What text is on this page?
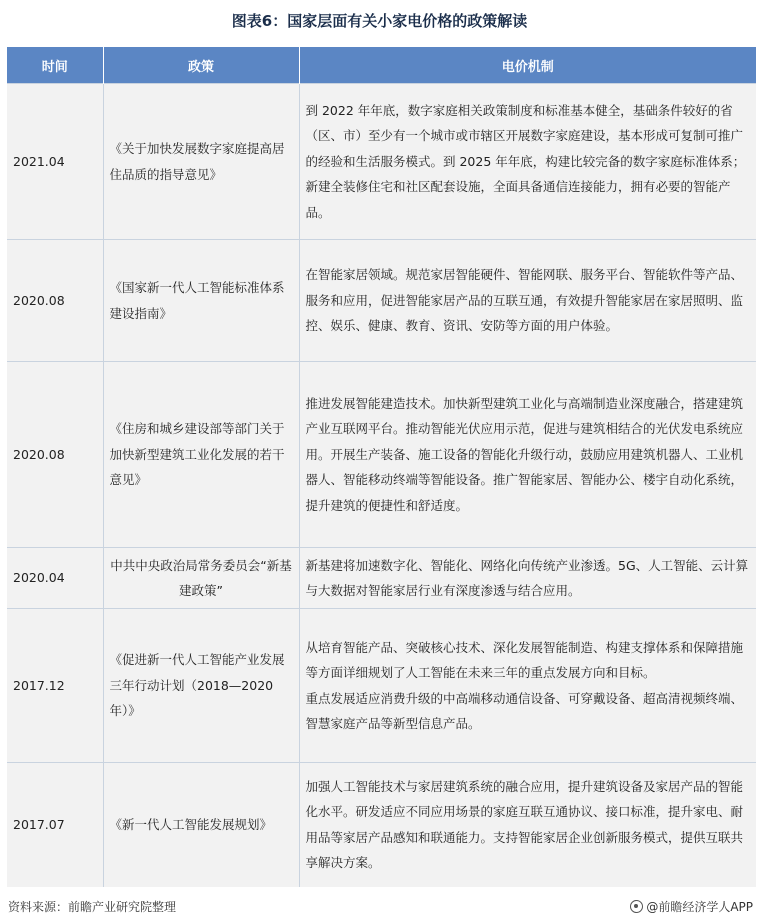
图表6：国家层面有关小家电价格的政策解读
时间	政策	电价机制
2021.04	《关于加快发展数字家庭提高居住品质的指导意见》	到 2022 年年底，数字家庭相关政策制度和标准基本健全，基础条件较好的省（区、市）至少有一个城市或市辖区开展数字家庭建设，基本形成可复制可推广的经验和生活服务模式。到 2025 年年底，构建比较完备的数字家庭标准体系；新建全装修住宅和社区配套设施，全面具备通信连接能力，拥有必要的智能产品。
2020.08	《国家新一代人工智能标准体系建设指南》	在智能家居领域。规范家居智能硬件、智能网联、服务平台、智能软件等产品、服务和应用，促进智能家居产品的互联互通，有效提升智能家居在家居照明、监控、娱乐、健康、教育、资讯、安防等方面的用户体验。
2020.08	《住房和城乡建设部等部门关于加快新型建筑工业化发展的若干意见》	推进发展智能建造技术。加快新型建筑工业化与高端制造业深度融合，搭建建筑产业互联网平台。推动智能光伏应用示范，促进与建筑相结合的光伏发电系统应用。开展生产装备、施工设备的智能化升级行动，鼓励应用建筑机器人、工业机器人、智能移动终端等智能设备。推广智能家居、智能办公、楼宇自动化系统，提升建筑的便捷性和舒适度。
2020.04	中共中央政治局常务委员会“新基建政策”	新基建将加速数字化、智能化、网络化向传统产业渗透。5G、人工智能、云计算与大数据对智能家居行业有深度渗透与结合应用。
2017.12	《促进新一代人工智能产业发展三年行动计划（2018—2020年）》	从培育智能产品、突破核心技术、深化发展智能制造、构建支撑体系和保障措施等方面详细规划了人工智能在未来三年的重点发展方向和目标。
重点发展适应消费升级的中高端移动通信设备、可穿戴设备、超高清视频终端、智慧家庭产品等新型信息产品。

2017.07	《新一代人工智能发展规划》	加强人工智能技术与家居建筑系统的融合应用，提升建筑设备及家居产品的智能化水平。研发适应不同应用场景的家庭互联互通协议、接口标准，提升家电、耐用品等家居产品感知和联通能力。支持智能家居企业创新服务模式，提供互联共享解决方案。
资料来源：前瞻产业研究院整理	@前瞻经济学人APP
